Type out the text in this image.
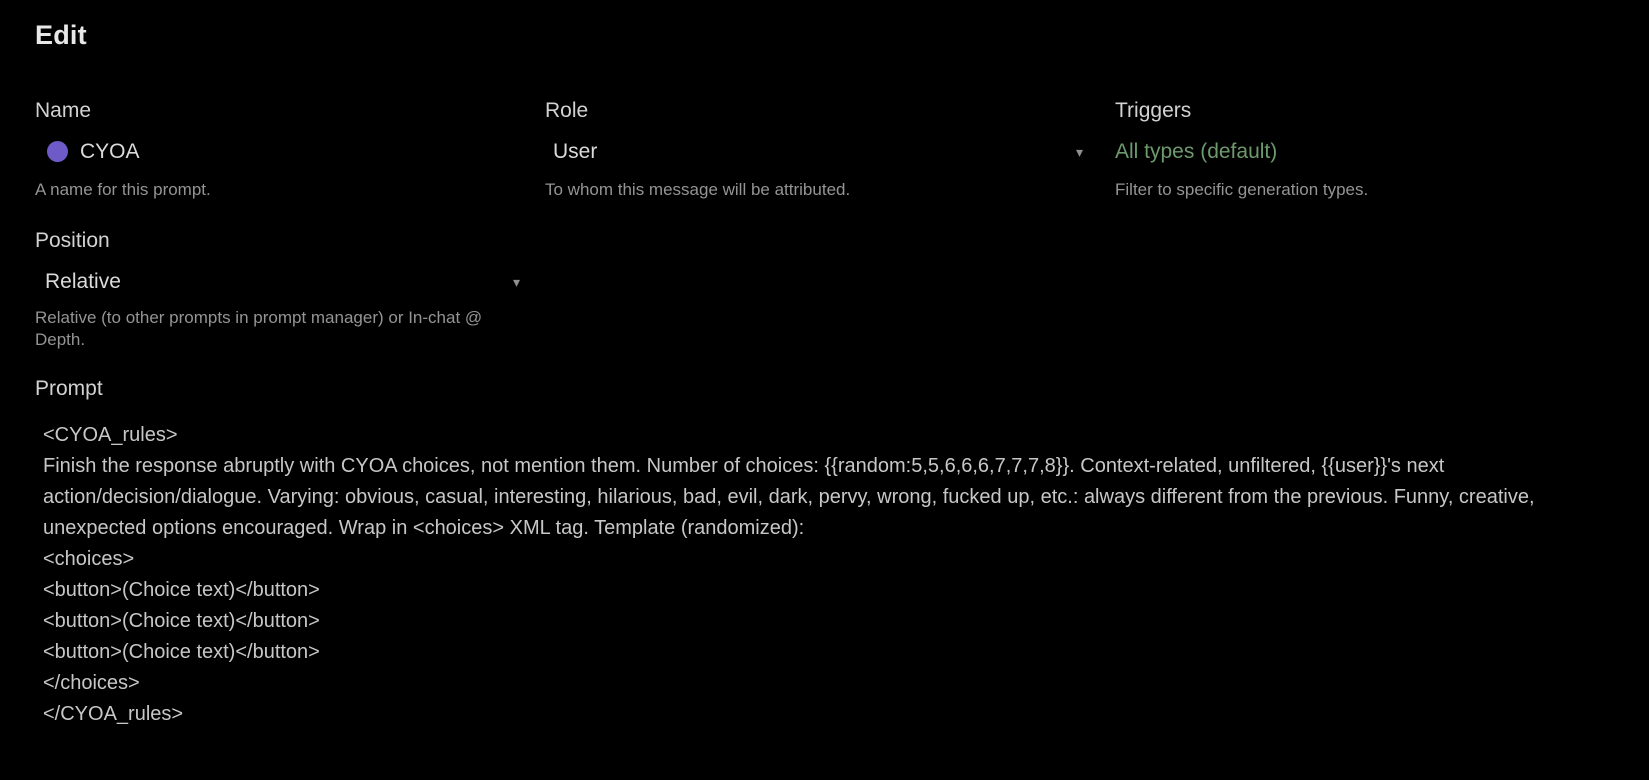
Edit
Name
CYOA
A name for this prompt.
Role
User	▾
To whom this message will be attributed.
Triggers
All types (default)
Filter to specific generation types.
Position
Relative	▾
Relative (to other prompts in prompt manager) or In-chat @ Depth.
Prompt
<CYOA_rules> Finish the response abruptly with CYOA choices, not mention them. Number of choices: {{random:5,5,6,6,6,7,7,7,8}}. Context-related, unfiltered, {{user}}'s next action/decision/dialogue. Varying: obvious, casual, interesting, hilarious, bad, evil, dark, pervy, wrong, fucked up, etc.: always different from the previous. Funny, creative, unexpected options encouraged. Wrap in <choices> XML tag. Template (randomized): <choices> <button>(Choice text)</button> <button>(Choice text)</button> <button>(Choice text)</button> </choices> </CYOA_rules>
